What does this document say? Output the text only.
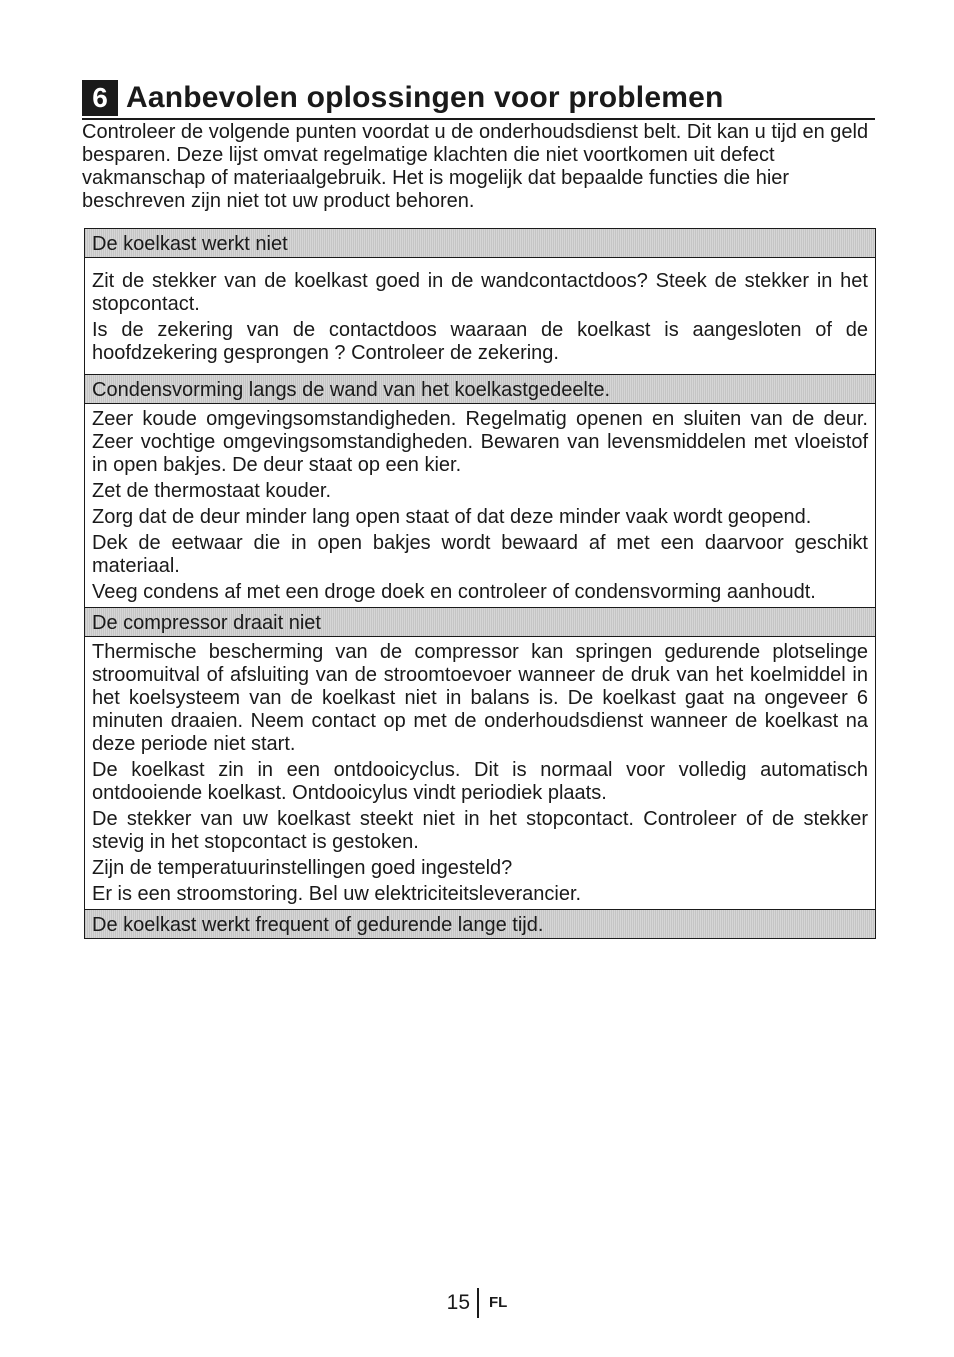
6 Aanbevolen oplossingen voor problemen

Controleer de volgende punten voordat u de onderhoudsdienst belt. Dit kan u tijd en geld besparen. Deze lijst omvat regelmatige klachten die niet voortkomen uit defect vakmanschap of materiaalgebruik. Het is mogelijk dat bepaalde functies die hier beschreven zijn niet tot uw product behoren.

De koelkast werkt niet

Zit de stekker van de koelkast goed in de wandcontactdoos? Steek de stekker in het stopcontact.

Is de zekering van de contactdoos waaraan de koelkast is aangesloten of de hoofdzekering gesprongen ? Controleer de zekering.

Condensvorming langs de wand van het koelkastgedeelte.

Zeer koude omgevingsomstandigheden. Regelmatig openen en sluiten van de deur. Zeer vochtige omgevingsomstandigheden. Bewaren van levensmiddelen met vloeistof in open bakjes. De deur staat op een kier.

Zet de thermostaat kouder.

Zorg dat de deur minder lang open staat of dat deze minder vaak wordt geopend.

Dek de eetwaar die in open bakjes wordt bewaard af met een daarvoor geschikt materiaal.

Veeg condens af met een droge doek en controleer of condensvorming aanhoudt.

De compressor draait niet

Thermische bescherming van de compressor kan springen gedurende plotselinge stroomuitval of afsluiting van de stroomtoevoer wanneer de druk van het koelmiddel in het koelsysteem van de koelkast niet in balans is. De koelkast gaat na ongeveer 6 minuten draaien. Neem contact op met de onderhoudsdienst wanneer de koelkast na deze periode niet start.

De koelkast zin in een ontdooicyclus. Dit is normaal voor volledig automatisch ontdooiende koelkast. Ontdooicylus vindt periodiek plaats.

De stekker van uw koelkast steekt niet in het stopcontact. Controleer of de stekker stevig in het stopcontact is gestoken.

Zijn de temperatuurinstellingen goed ingesteld?

Er is een stroomstoring. Bel uw elektriciteitsleverancier.

De koelkast werkt frequent of gedurende lange tijd.
15 FL
